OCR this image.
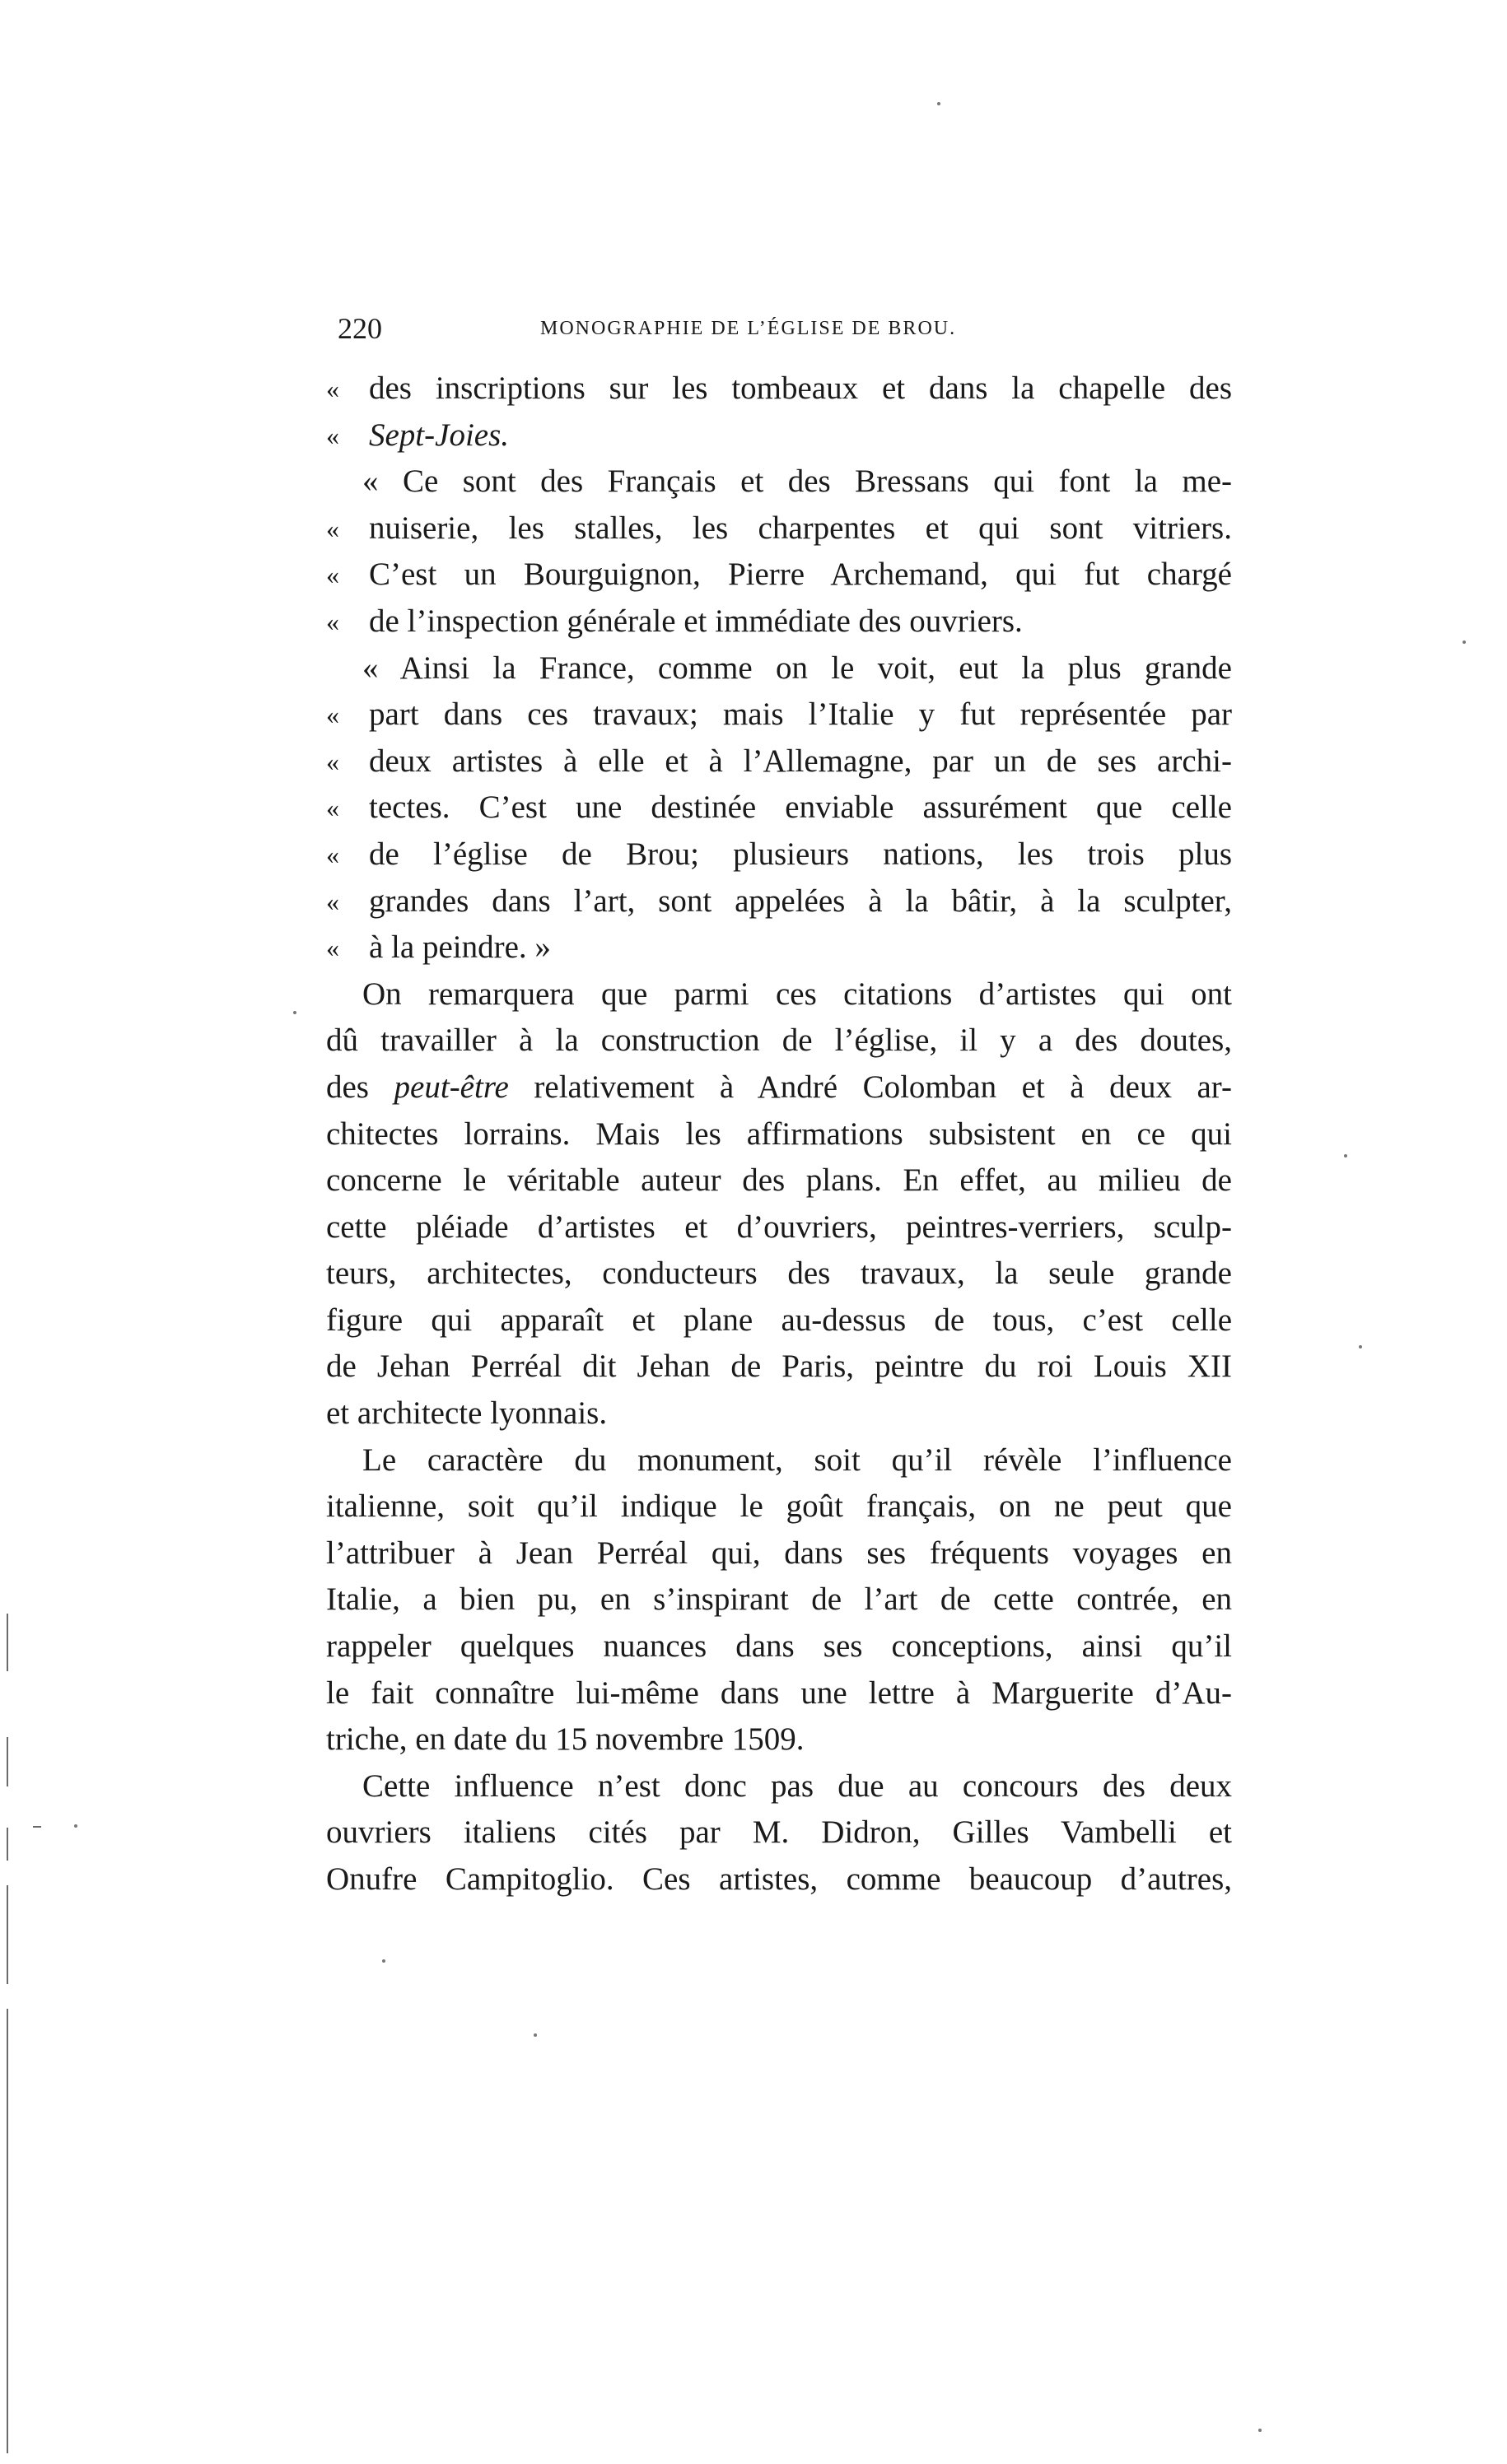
220	MONOGRAPHIE DE L’ÉGLISE DE BROU.
« des inscriptions sur les tombeaux et dans la chapelle des
« Sept-Joies.
« Ce sont des Français et des Bressans qui font la me-
« nuiserie, les stalles, les charpentes et qui sont vitriers.
« C’est un Bourguignon, Pierre Archemand, qui fut chargé
« de l’inspection générale et immédiate des ouvriers.
« Ainsi la France, comme on le voit, eut la plus grande
« part dans ces travaux; mais l’Italie y fut représentée par
« deux artistes à elle et à l’Allemagne, par un de ses archi-
« tectes. C’est une destinée enviable assurément que celle
« de l’église de Brou; plusieurs nations, les trois plus
« grandes dans l’art, sont appelées à la bâtir, à la sculpter,
« à la peindre. »
On remarquera que parmi ces citations d’artistes qui ont
dû travailler à la construction de l’église, il y a des doutes,
des peut-être relativement à André Colomban et à deux ar-
chitectes lorrains. Mais les affirmations subsistent en ce qui
concerne le véritable auteur des plans. En effet, au milieu de
cette pléiade d’artistes et d’ouvriers, peintres-verriers, sculp-
teurs, architectes, conducteurs des travaux, la seule grande
figure qui apparaît et plane au-dessus de tous, c’est celle
de Jehan Perréal dit Jehan de Paris, peintre du roi Louis XII
et architecte lyonnais.
Le caractère du monument, soit qu’il révèle l’influence
italienne, soit qu’il indique le goût français, on ne peut que
l’attribuer à Jean Perréal qui, dans ses fréquents voyages en
Italie, a bien pu, en s’inspirant de l’art de cette contrée, en
rappeler quelques nuances dans ses conceptions, ainsi qu’il
le fait connaître lui-même dans une lettre à Marguerite d’Au-
triche, en date du 15 novembre 1509.
Cette influence n’est donc pas due au concours des deux
ouvriers italiens cités par M. Didron, Gilles Vambelli et
Onufre Campitoglio. Ces artistes, comme beaucoup d’autres,
